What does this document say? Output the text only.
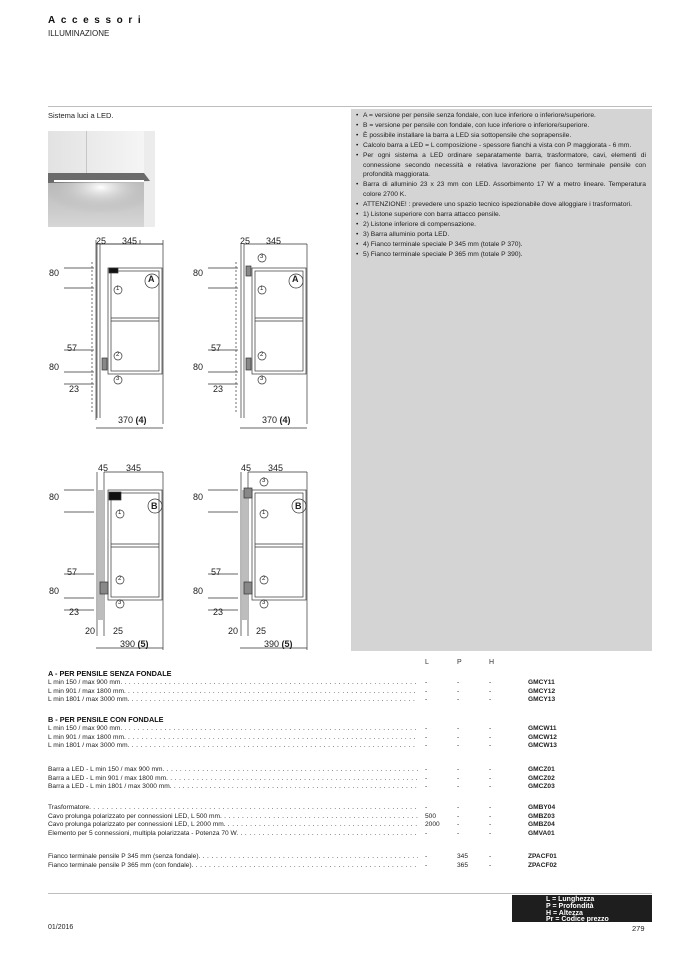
Accessori
ILLUMINAZIONE
Sistema luci a LED.
•	A = versione per pensile senza fondale, con luce inferiore o inferiore/superiore.
• B = versione per pensile con fondale, con luce inferiore o inferiore/superiore.
• È possibile installare la barra a LED sia sottopensile che soprapensile.
• Calcolo barra a LED = L composizione - spessore fianchi a vista con P maggiorata - 6 mm.
• Per ogni sistema a LED ordinare separatamente barra, trasformatore, cavi, elementi di connessione secondo necessità e relativa lavorazione per fianco terminale pensile con profondità maggiorata.
• Barra di alluminio 23 x 23 mm con LED. Assorbimento 17 W a metro lineare. Temperatura colore 2700 K.
• ATTENZIONE! : prevedere uno spazio tecnico ispezionabile dove alloggiare i trasformatori.
• 1) Listone superiore con barra attacco pensile.
• 2) Listone inferiore di compensazione.
• 3) Barra alluminio porta LED.
• 4) Fianco terminale speciale P 345 mm (totale P 370).
• 5) Fianco terminale speciale P 365 mm (totale P 390).
25 345
80
57
80
23
370 (4)
A
25 345
80
57
80
23
370 (4)
A
45 345
80
57
80
23
20 25
390 (5)
B
45 345
80
57
80
23
20 25
390 (5)
B
1
2
3
3
1
2
3
1
2
3
3
1
2
3
L	P	H
A - PER PENSILE SENZA FONDALE
L min 150 / max 900 mm. . . .	-	-	-	GMCY11
L min 901 / max 1800 mm. . . .	-	-	-	GMCY12
L min 1801 / max 3000 mm. . . .	-	-	-	GMCY13
B - PER PENSILE CON FONDALE
L min 150 / max 900 mm. . . .	-	-	-	GMCW11
L min 901 / max 1800 mm. . . .	-	-	-	GMCW12
L min 1801 / max 3000 mm. . . .	-	-	-	GMCW13
Barra a LED - L min 150 / max 900 mm. . . .	-	-	-	GMCZ01
Barra a LED - L min 901 / max 1800 mm. . . .	-	-	-	GMCZ02
Barra a LED - L min 1801 / max 3000 mm. . . .	-	-	-	GMCZ03
Trasformatore. . . .	-	-	-	GMBY04
Cavo prolunga polarizzato per connessioni LED, L 500 mm. . . .	500	-	-	GMBZ03
Cavo prolunga polarizzato per connessioni LED, L 2000 mm. . . .	2000	-	-	GMBZ04
Elemento per 5 connessioni, multipla polarizzata - Potenza 70 W. . . .	-	-	-	GMVA01
Fianco terminale pensile P 345 mm (senza fondale). . . .	-	345	-	ZPACF01
Fianco terminale pensile P 365 mm (con fondale). . . .	-	365	-	ZPACF02
L = Lunghezza
P = Profondità
H = Altezza
Pr = Codice prezzo
01/2016	279
